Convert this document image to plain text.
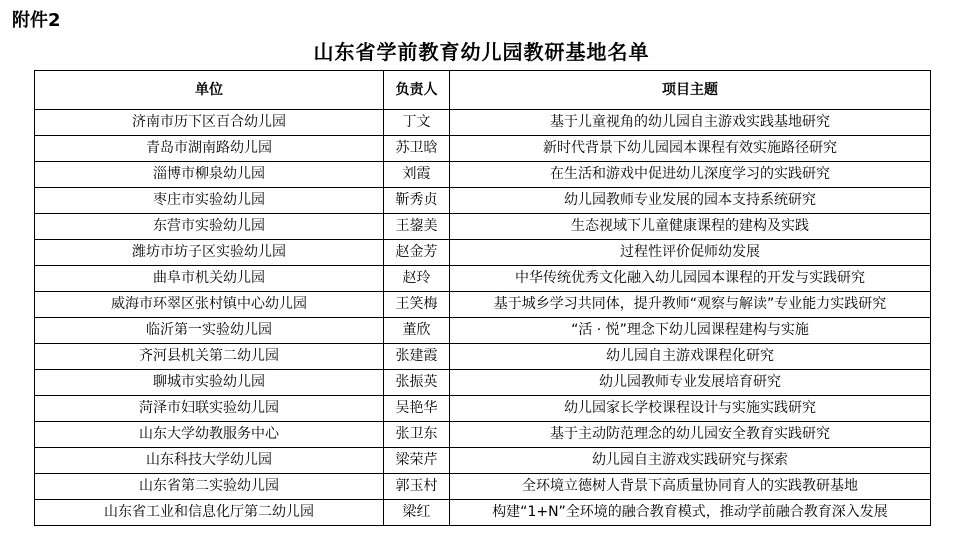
附件2
山东省学前教育幼儿园教研基地名单
单位	负责人	项目主题
济南市历下区百合幼儿园	丁文	基于儿童视角的幼儿园自主游戏实践基地研究
青岛市湖南路幼儿园	苏卫晗	新时代背景下幼儿园园本课程有效实施路径研究
淄博市柳泉幼儿园	刘霞	在生活和游戏中促进幼儿深度学习的实践研究
枣庄市实验幼儿园	靳秀贞	幼儿园教师专业发展的园本支持系统研究
东营市实验幼儿园	王鋆美	生态视域下儿童健康课程的建构及实践
潍坊市坊子区实验幼儿园	赵金芳	过程性评价促师幼发展
曲阜市机关幼儿园	赵玲	中华传统优秀文化融入幼儿园园本课程的开发与实践研究
威海市环翠区张村镇中心幼儿园	王笑梅	基于城乡学习共同体，提升教师“观察与解读”专业能力实践研究
临沂第一实验幼儿园	董欣	“活 · 悦”理念下幼儿园课程建构与实施
齐河县机关第二幼儿园	张建霞	幼儿园自主游戏课程化研究
聊城市实验幼儿园	张振英	幼儿园教师专业发展培育研究
菏泽市妇联实验幼儿园	吴艳华	幼儿园家长学校课程设计与实施实践研究
山东大学幼教服务中心	张卫东	基于主动防范理念的幼儿园安全教育实践研究
山东科技大学幼儿园	梁荣芹	幼儿园自主游戏实践研究与探索
山东省第二实验幼儿园	郭玉村	全环境立德树人背景下高质量协同育人的实践教研基地
山东省工业和信息化厅第二幼儿园	梁红	构建“1+N”全环境的融合教育模式，推动学前融合教育深入发展
